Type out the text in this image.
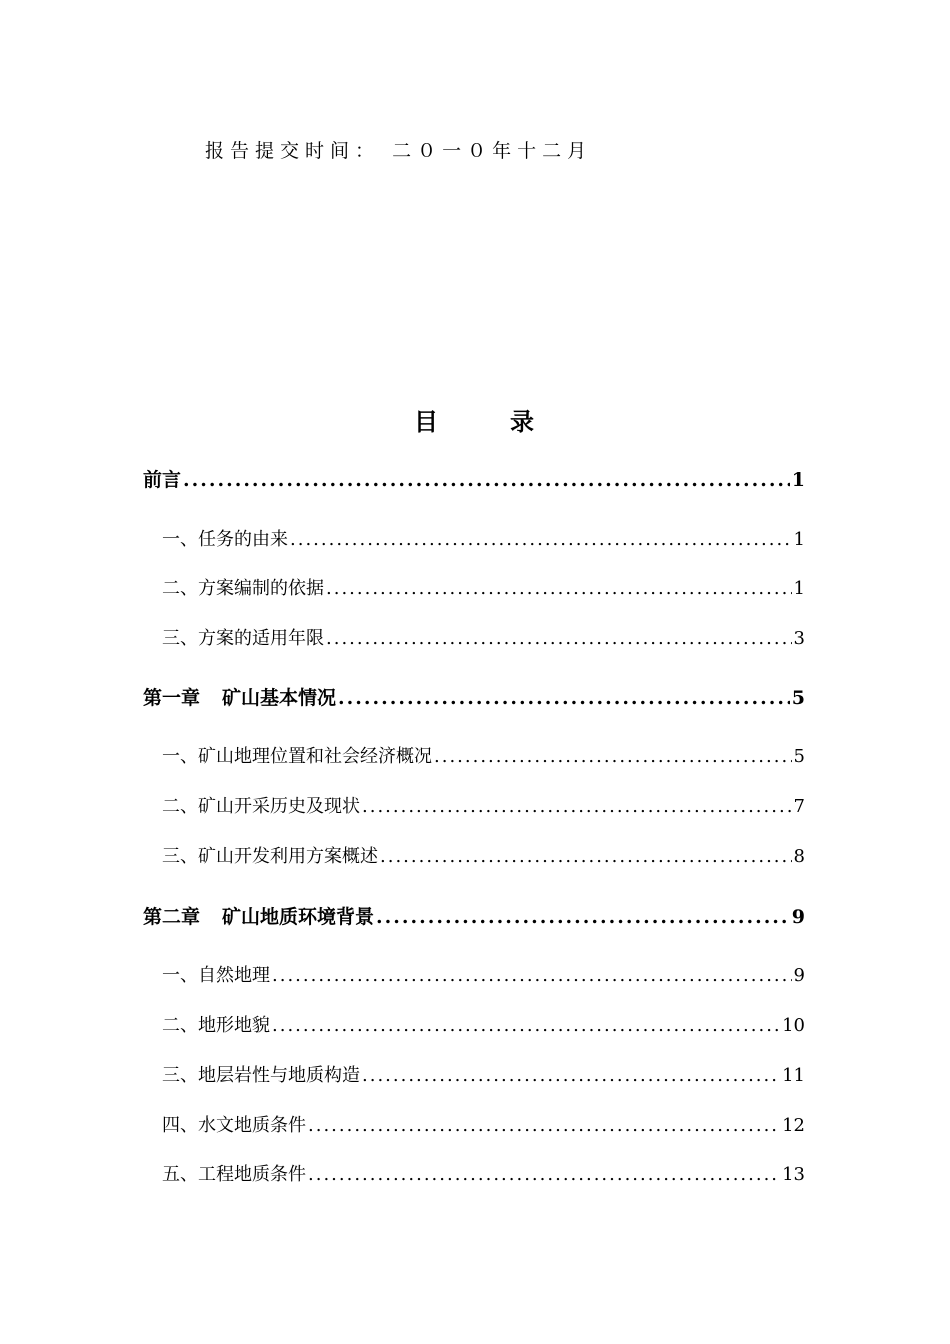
报告提交时间： 二０一０年十二月
目	录
前言 .....	1
一、任务的由来 .....	1
二、方案编制的依据 .....	1
三、方案的适用年限 .....	3
第一章 矿山基本情况 .....	5
一、矿山地理位置和社会经济概况 .....	5
二、矿山开采历史及现状 .....	7
三、矿山开发利用方案概述 .....	8
第二章 矿山地质环境背景 .....	9
一、自然地理 .....	9
二、地形地貌 .....	10
三、地层岩性与地质构造 .....	11
四、水文地质条件 .....	12
五、工程地质条件 .....	13
